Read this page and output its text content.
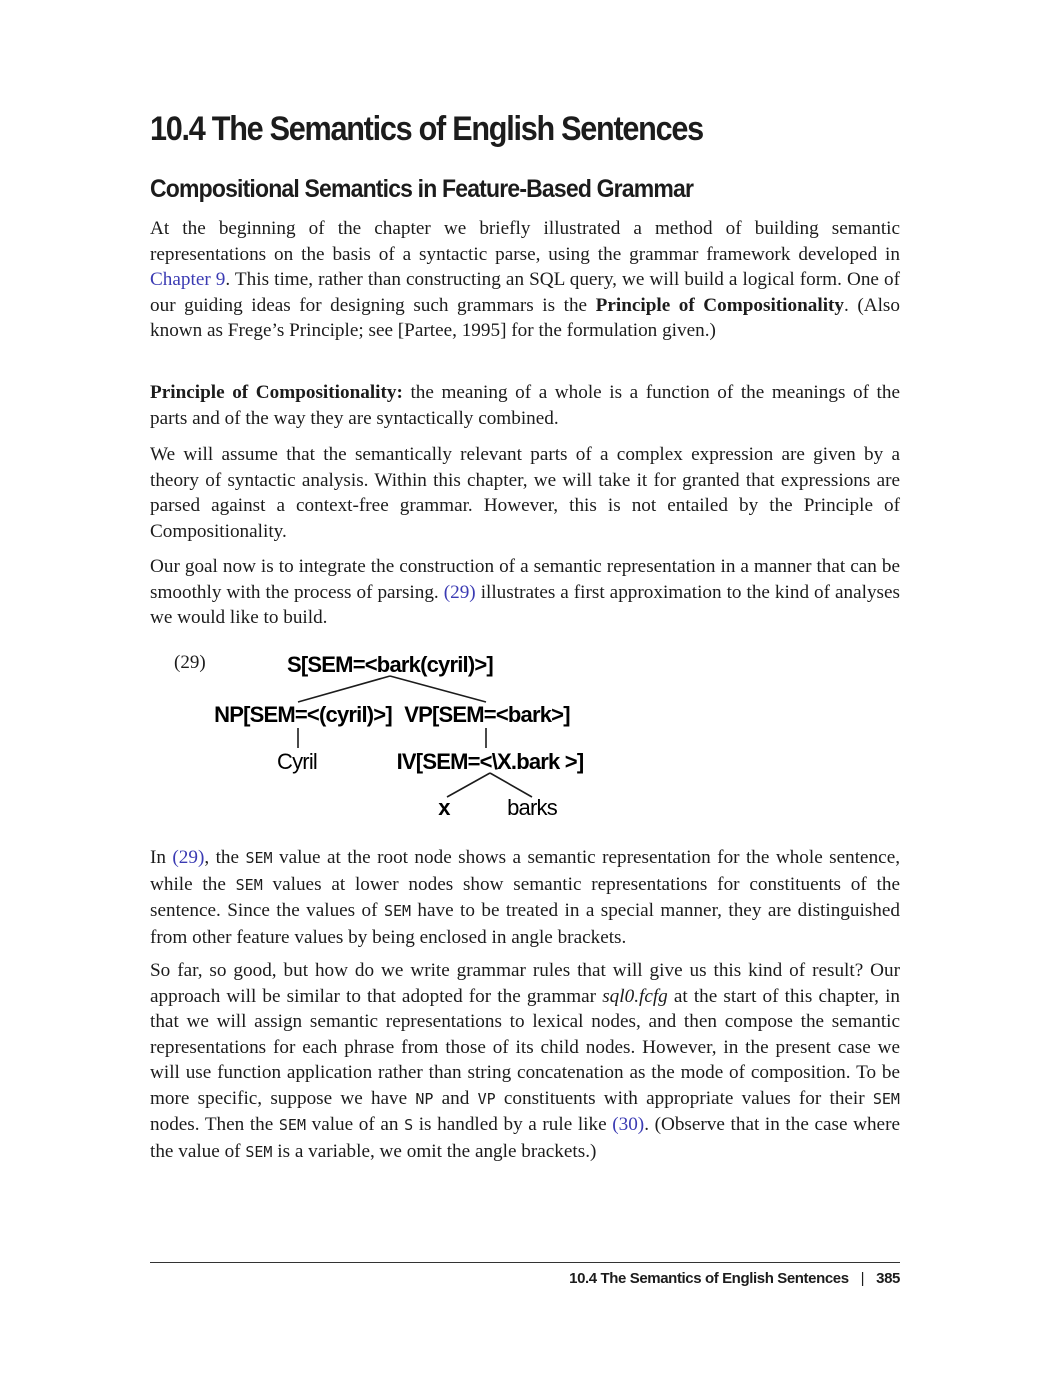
10.4 The Semantics of English Sentences
Compositional Semantics in Feature-Based Grammar

At the beginning of the chapter we briefly illustrated a method of building semantic representations on the basis of a syntactic parse, using the grammar framework developed in Chapter 9. This time, rather than constructing an SQL query, we will build a logical form. One of our guiding ideas for designing such grammars is the Principle of Compositionality. (Also known as Frege’s Principle; see [Partee, 1995] for the formulation given.)

Principle of Compositionality: the meaning of a whole is a function of the meanings of the parts and of the way they are syntactically combined.

We will assume that the semantically relevant parts of a complex expression are given by a theory of syntactic analysis. Within this chapter, we will take it for granted that expressions are parsed against a context-free grammar. However, this is not entailed by the Principle of Compositionality.

Our goal now is to integrate the construction of a semantic representation in a manner that can be smoothly with the process of parsing. (29) illustrates a first approximation to the kind of analyses we would like to build.

(29)	S[SEM=<bark(cyril)>]
NP[SEM=<(cyril)>] VP[SEM=<bark>]
Cyril	IV[SEM=<\X.bark >]
x	barks

In (29), the SEM value at the root node shows a semantic representation for the whole sentence, while the SEM values at lower nodes show semantic representations for constituents of the sentence. Since the values of SEM have to be treated in a special manner, they are distinguished from other feature values by being enclosed in angle brackets.

So far, so good, but how do we write grammar rules that will give us this kind of result? Our approach will be similar to that adopted for the grammar sql0.fcfg at the start of this chapter, in that we will assign semantic representations to lexical nodes, and then compose the semantic representations for each phrase from those of its child nodes. However, in the present case we will use function application rather than string concatenation as the mode of composition. To be more specific, suppose we have NP and VP constituents with appropriate values for their SEM nodes. Then the SEM value of an S is handled by a rule like (30). (Observe that in the case where the value of SEM is a variable, we omit the angle brackets.)

10.4 The Semantics of English Sentences | 385
